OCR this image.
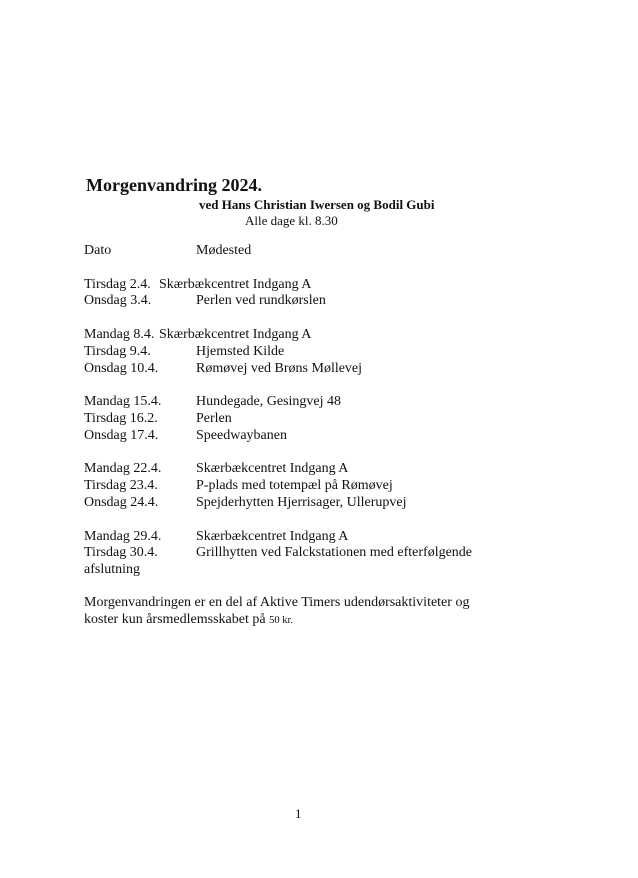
Morgenvandring 2024.
ved Hans Christian Iwersen og Bodil Gubi
Alle dage kl. 8.30
Dato	Mødested
Tirsdag 2.4. Skærbækcentret Indgang A
Onsdag 3.4.	Perlen ved rundkørslen
Mandag 8.4. Skærbækcentret Indgang A
Tirsdag 9.4.	Hjemsted Kilde
Onsdag 10.4.	Rømøvej ved Brøns Møllevej
Mandag 15.4. Hundegade, Gesingvej 48
Tirsdag 16.2.	Perlen
Onsdag 17.4.	Speedwaybanen
Mandag 22.4. Skærbækcentret Indgang A
Tirsdag 23.4.	P-plads med totempæl på Rømøvej
Onsdag 24.4.	Spejderhytten Hjerrisager, Ullerupvej
Mandag 29.4. Skærbækcentret Indgang A
Tirsdag 30.4.	Grillhytten ved Falckstationen med efterfølgende
afslutning

Morgenvandringen er en del af Aktive Timers udendørsaktiviteter og
koster kun årsmedlemsskabet på 50 kr.

1
